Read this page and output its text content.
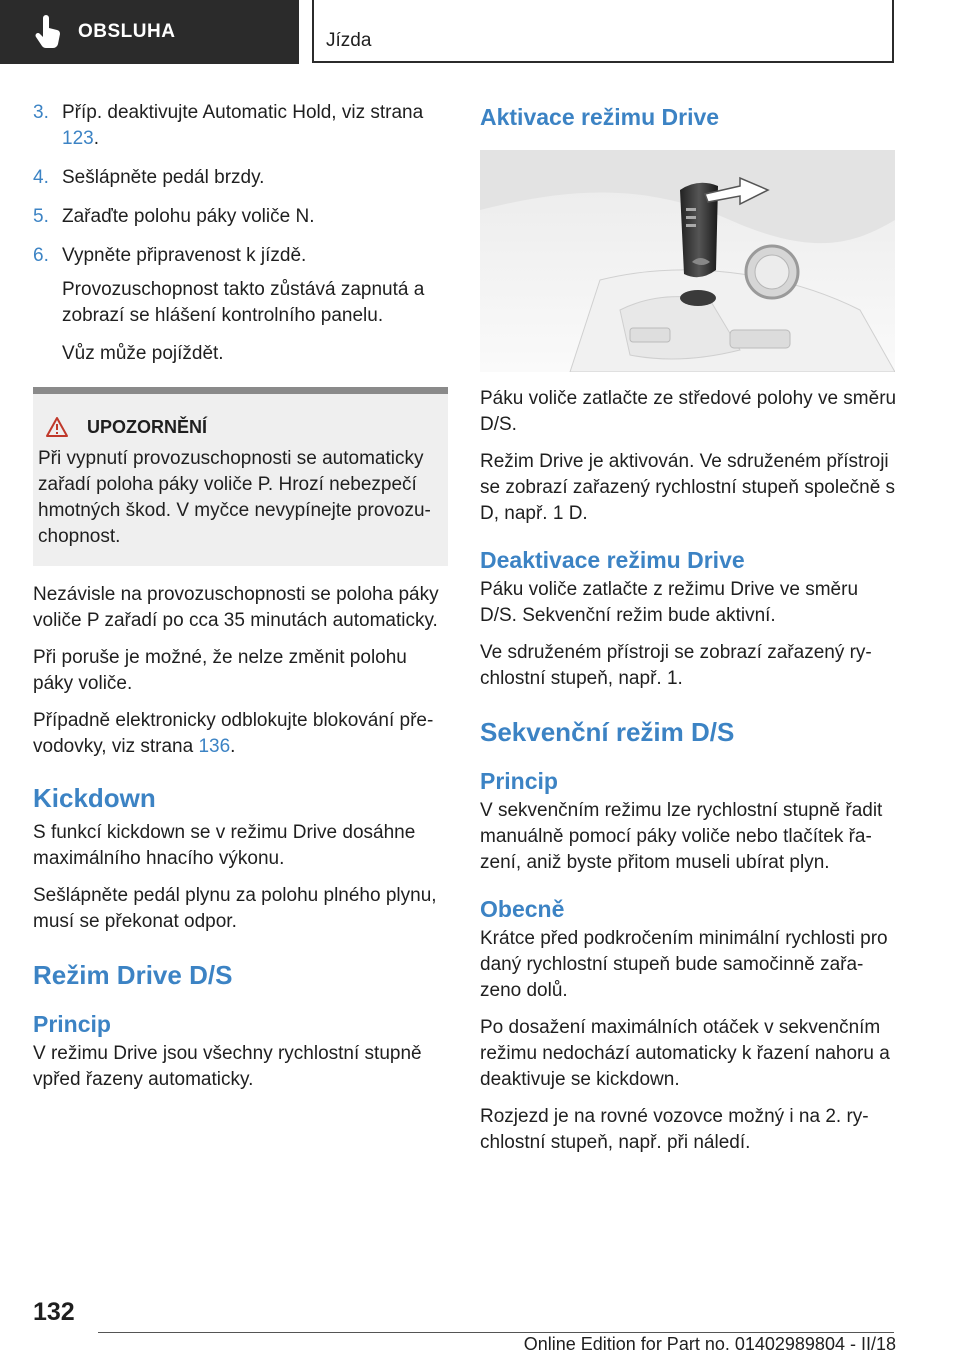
OBSLUHA	Jízda
3. Příp. deaktivujte Automatic Hold, viz strana 123.
4. Sešlápněte pedál brzdy.
5. Zařaďte polohu páky voliče N.
6. Vypněte připravenost k jízdě.
Provozuschopnost takto zůstává zapnutá a zobrazí se hlášení kontrolního panelu.
Vůz může pojíždět.
UPOZORNĚNÍ
Při vypnutí provozuschopnosti se automaticky zařadí poloha páky voliče P. Hrozí nebezpečí hmotných škod. V myčce nevypínejte provozu‐chopnost.

Nezávisle na provozuschopnosti se poloha páky voliče P zařadí po cca 35 minutách automaticky.

Při poruše je možné, že nelze změnit polohu páky voliče.

Případně elektronicky odblokujte blokování pře‐vodovky, viz strana 136.

Kickdown

S funkcí kickdown se v režimu Drive dosáhne maximálního hnacího výkonu.

Sešlápněte pedál plynu za polohu plného plynu, musí se překonat odpor.

Režim Drive D/S
Princip

V režimu Drive jsou všechny rychlostní stupně vpřed řazeny automaticky.

Aktivace režimu Drive

Páku voliče zatlačte ze středové polohy ve směru D/S.

Režim Drive je aktivován. Ve sdruženém přístroji se zobrazí zařazený rychlostní stupeň společně s D, např. 1 D.

Deaktivace režimu Drive

Páku voliče zatlačte z režimu Drive ve směru D/S. Sekvenční režim bude aktivní.

Ve sdruženém přístroji se zobrazí zařazený ry‐chlostní stupeň, např. 1.

Sekvenční režim D/S
Princip

V sekvenčním režimu lze rychlostní stupně řadit manuálně pomocí páky voliče nebo tlačítek řa‐zení, aniž byste přitom museli ubírat plyn.

Obecně

Krátce před podkročením minimální rychlosti pro daný rychlostní stupeň bude samočinně zařa‐zeno dolů.

Po dosažení maximálních otáček v sekvenčním režimu nedochází automaticky k řazení nahoru a deaktivuje se kickdown.

Rozjezd je na rovné vozovce možný i na 2. ry‐chlostní stupeň, např. při náledí.

132
Online Edition for Part no. 01402989804 - II/18
